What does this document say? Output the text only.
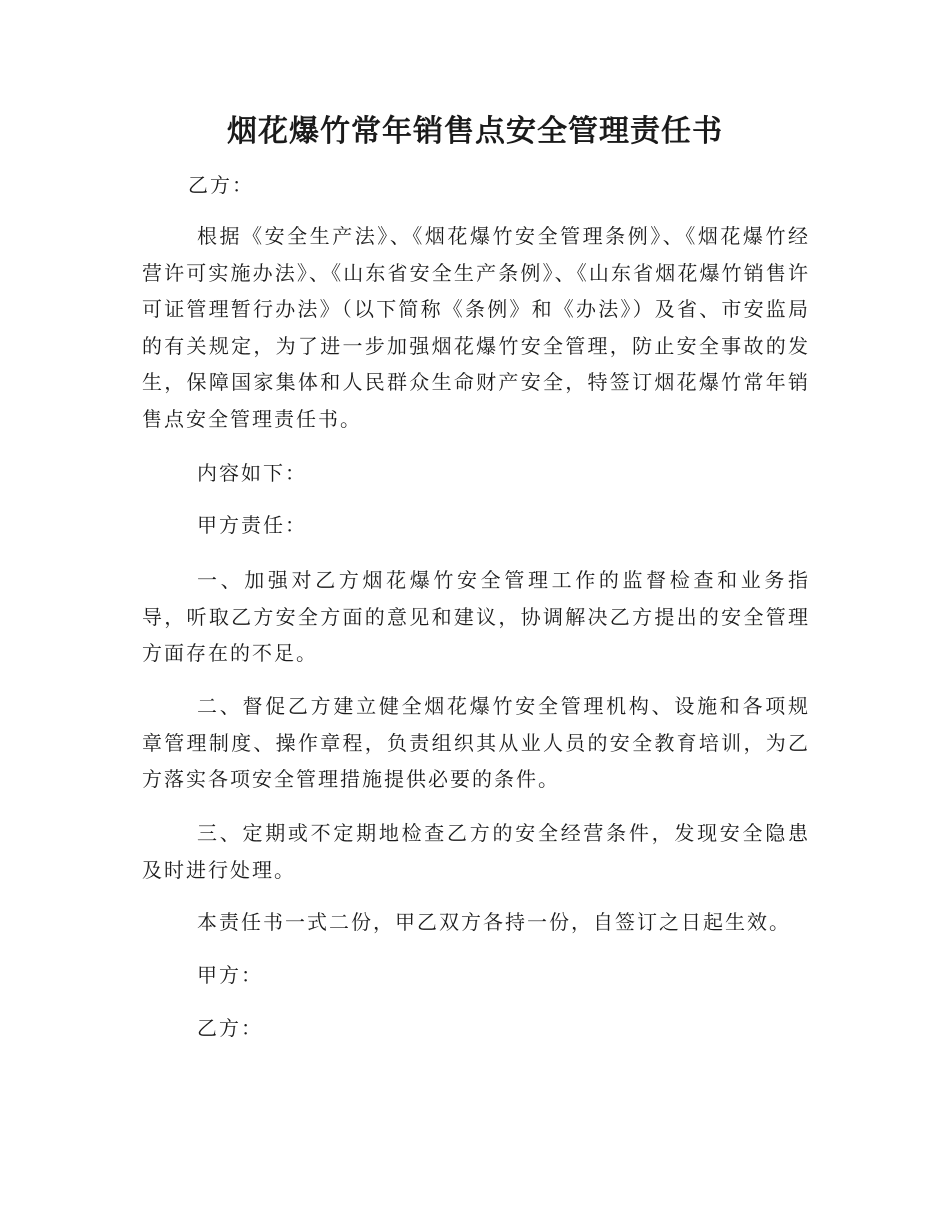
烟花爆竹常年销售点安全管理责任书
乙方：

根据《安全生产法》、《烟花爆竹安全管理条例》、《烟花爆竹经营许可实施办法》、《山东省安全生产条例》、《山东省烟花爆竹销售许可证管理暂行办法》（以下简称《条例》和《办法》）及省、市安监局的有关规定，为了进一步加强烟花爆竹安全管理，防止安全事故的发生，保障国家集体和人民群众生命财产安全，特签订烟花爆竹常年销售点安全管理责任书。

内容如下：

甲方责任：

一、加强对乙方烟花爆竹安全管理工作的监督检查和业务指导，听取乙方安全方面的意见和建议，协调解决乙方提出的安全管理方面存在的不足。

二、督促乙方建立健全烟花爆竹安全管理机构、设施和各项规章管理制度、操作章程，负责组织其从业人员的安全教育培训，为乙方落实各项安全管理措施提供必要的条件。

三、定期或不定期地检查乙方的安全经营条件，发现安全隐患及时进行处理。

本责任书一式二份，甲乙双方各持一份，自签订之日起生效。

甲方：

乙方：
